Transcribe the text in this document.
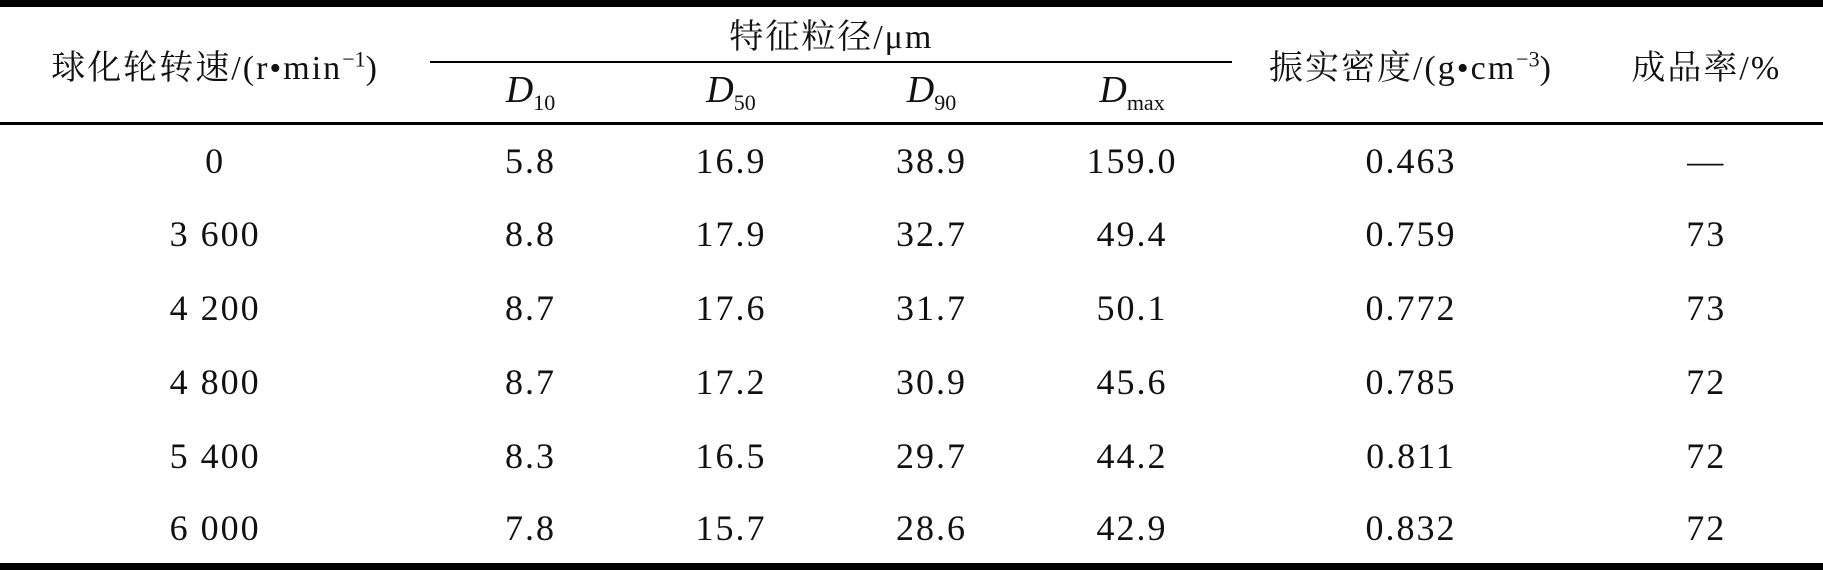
球化轮转速$/(r•\min^{-1})$	特征粒径/μm				振实密度$/(g•cm^{-3})$	成品率/%
	$D_{10}$	$D_{50}$	$D_{90}$	$D_{max}$
0	5.8	16.9	38.9	159.0	0.463	—
3 600	8.8	17.9	32.7	49.4	0.759	73
4 200	8.7	17.6	31.7	50.1	0.772	73
4 800	8.7	17.2	30.9	45.6	0.785	72
5 400	8.3	16.5	29.7	44.2	0.811	72
6 000	7.8	15.7	28.6	42.9	0.832	72
